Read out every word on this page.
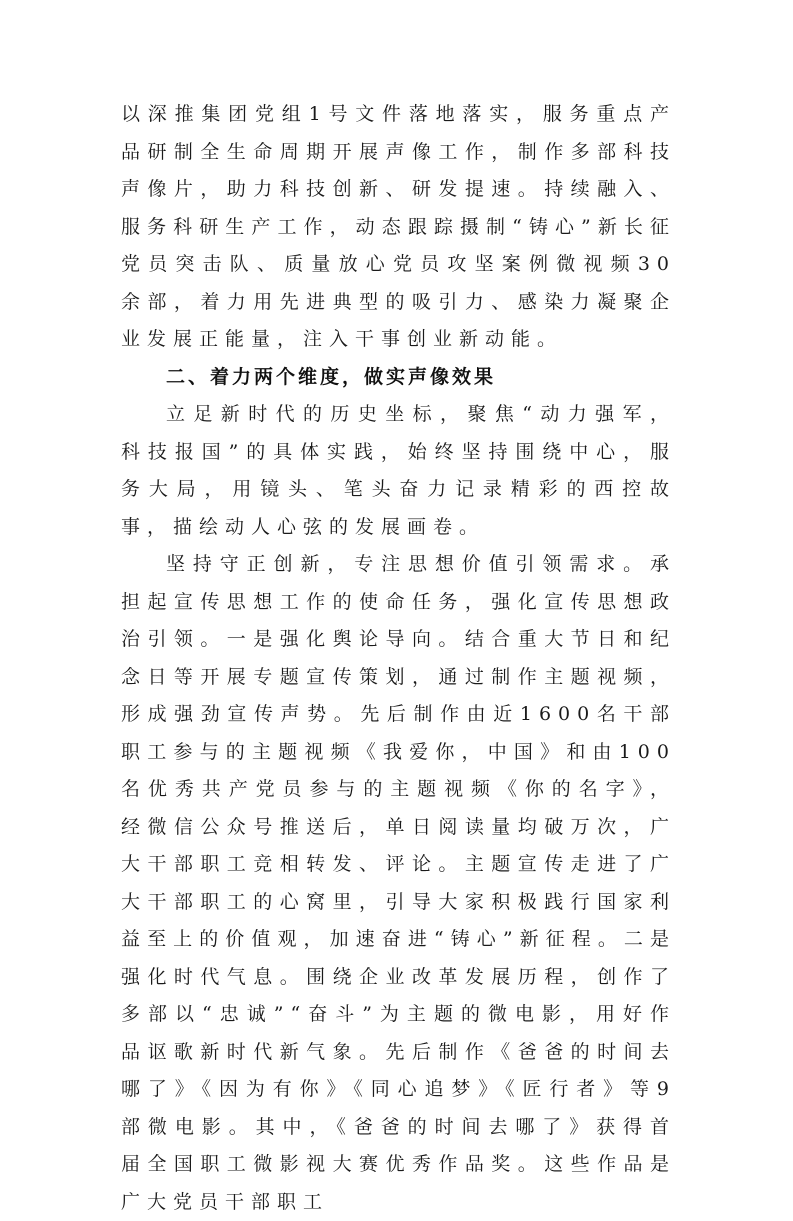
以深推集团党组1号文件落地落实，服务重点产品研制全生命周期开展声像工作，制作多部科技声像片，助力科技创新、研发提速。持续融入、服务科研生产工作，动态跟踪摄制“铸心”新长征党员突击队、质量放心党员攻坚案例微视频30余部，着力用先进典型的吸引力、感染力凝聚企业发展正能量，注入干事创业新动能。

二、着力两个维度，做实声像效果

立足新时代的历史坐标，聚焦“动力强军，科技报国”的具体实践，始终坚持围绕中心，服务大局，用镜头、笔头奋力记录精彩的西控故事，描绘动人心弦的发展画卷。

坚持守正创新，专注思想价值引领需求。承担起宣传思想工作的使命任务，强化宣传思想政治引领。一是强化舆论导向。结合重大节日和纪念日等开展专题宣传策划，通过制作主题视频，形成强劲宣传声势。先后制作由近1600名干部职工参与的主题视频《我爱你，中国》和由100名优秀共产党员参与的主题视频《你的名字》，经微信公众号推送后，单日阅读量均破万次，广大干部职工竞相转发、评论。主题宣传走进了广大干部职工的心窝里，引导大家积极践行国家利益至上的价值观，加速奋进“铸心”新征程。二是强化时代气息。围绕企业改革发展历程，创作了多部以“忠诚”“奋斗”为主题的微电影，用好作品讴歌新时代新气象。先后制作《爸爸的时间去哪了》《因为有你》《同心追梦》《匠行者》等9部微电影。其中，《爸爸的时间去哪了》获得首届全国职工微影视大赛优秀作品奖。这些作品是广大党员干部职工
